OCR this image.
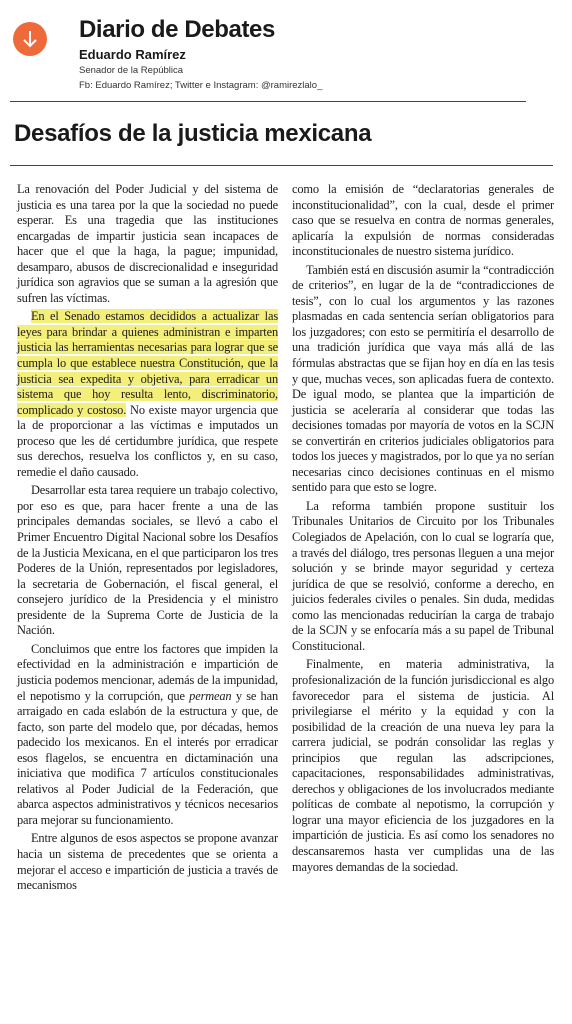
Diario de Debates
Eduardo Ramírez
Senador de la República
Fb: Eduardo Ramírez; Twitter e Instagram: @ramirezlalo_
Desafíos de la justicia mexicana

La renovación del Poder Judicial y del sistema de justicia es una tarea por la que la sociedad no puede esperar. Es una tragedia que las instituciones encargadas de impartir justicia sean incapaces de hacer que el que la haga, la pague; impunidad, desamparo, abusos de discrecionalidad e inseguridad jurídica son agravios que se suman a la agresión que sufren las víctimas.

En el Senado estamos decididos a actualizar las leyes para brindar a quienes administran e imparten justicia las herramientas necesarias para lograr que se cumpla lo que establece nuestra Constitución, que la justicia sea expedita y objetiva, para erradicar un sistema que hoy resulta lento, discriminatorio, complicado y costoso. No existe mayor urgencia que la de proporcionar a las víctimas e imputados un proceso que les dé certidumbre jurídica, que respete sus derechos, resuelva los conflictos y, en su caso, remedie el daño causado.

Desarrollar esta tarea requiere un trabajo colectivo, por eso es que, para hacer frente a una de las principales demandas sociales, se llevó a cabo el Primer Encuentro Digital Nacional sobre los Desafíos de la Justicia Mexicana, en el que participaron los tres Poderes de la Unión, representados por legisladores, la secretaria de Gobernación, el fiscal general, el consejero jurídico de la Presidencia y el ministro presidente de la Suprema Corte de Justicia de la Nación.

Concluimos que entre los factores que impiden la efectividad en la administración e impartición de justicia podemos mencionar, además de la impunidad, el nepotismo y la corrupción, que permean y se han arraigado en cada eslabón de la estructura y que, de facto, son parte del modelo que, por décadas, hemos padecido los mexicanos. En el interés por erradicar esos flagelos, se encuentra en dictaminación una iniciativa que modifica 7 artículos constitucionales relativos al Poder Judicial de la Federación, que abarca aspectos administrativos y técnicos necesarios para mejorar su funcionamiento.

Entre algunos de esos aspectos se propone avanzar hacia un sistema de precedentes que se orienta a mejorar el acceso e impartición de justicia a través de mecanismos

como la emisión de “declaratorias generales de inconstitucionalidad”, con la cual, desde el primer caso que se resuelva en contra de normas generales, aplicaría la expulsión de normas consideradas inconstitucionales de nuestro sistema jurídico.

También está en discusión asumir la “contradicción de criterios”, en lugar de la de “contradicciones de tesis”, con lo cual los argumentos y las razones plasmadas en cada sentencia serían obligatorios para los juzgadores; con esto se permitiría el desarrollo de una tradición jurídica que vaya más allá de las fórmulas abstractas que se fijan hoy en día en las tesis y que, muchas veces, son aplicadas fuera de contexto. De igual modo, se plantea que la impartición de justicia se aceleraría al considerar que todas las decisiones tomadas por mayoría de votos en la SCJN se convertirán en criterios judiciales obligatorios para todos los jueces y magistrados, por lo que ya no serían necesarias cinco decisiones continuas en el mismo sentido para que esto se logre.

La reforma también propone sustituir los Tribunales Unitarios de Circuito por los Tribunales Colegiados de Apelación, con lo cual se lograría que, a través del diálogo, tres personas lleguen a una mejor solución y se brinde mayor seguridad y certeza jurídica de que se resolvió, conforme a derecho, en juicios federales civiles o penales. Sin duda, medidas como las mencionadas reducirían la carga de trabajo de la SCJN y se enfocaría más a su papel de Tribunal Constitucional.

Finalmente, en materia administrativa, la profesionalización de la función jurisdiccional es algo favorecedor para el sistema de justicia. Al privilegiarse el mérito y la equidad y con la posibilidad de la creación de una nueva ley para la carrera judicial, se podrán consolidar las reglas y principios que regulan las adscripciones, capacitaciones, responsabilidades administrativas, derechos y obligaciones de los involucrados mediante políticas de combate al nepotismo, la corrupción y lograr una mayor eficiencia de los juzgadores en la impartición de justicia. Es así como los senadores no descansaremos hasta ver cumplidas una de las mayores demandas de la sociedad.
